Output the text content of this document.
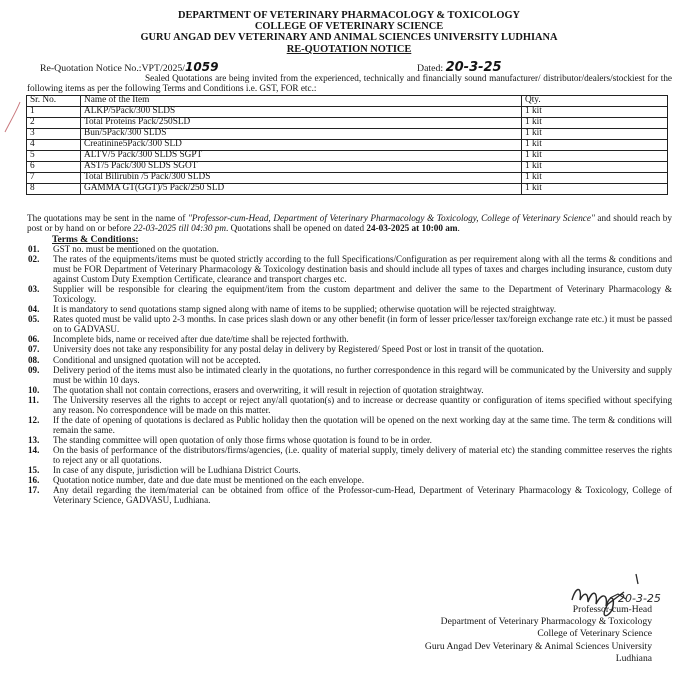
DEPARTMENT OF VETERINARY PHARMACOLOGY & TOXICOLOGY
COLLEGE OF VETERINARY SCIENCE
GURU ANGAD DEV VETERINARY AND ANIMAL SCIENCES UNIVERSITY LUDHIANA
RE-QUOTATION NOTICE
Re-Quotation Notice No.:VPT/2025/1059	Dated: 20-3-25
Sealed Quotations are being invited from the experienced, technically and financially sound manufacturer/ distributor/dealers/stockiest for the following items as per the following Terms and Conditions i.e. GST, FOR etc.:
Sr. No.	Name of the Item	Qty.
1	ALKP/5Pack/300 SLDS	1 kit
2	Total Proteins Pack/250SLD	1 kit
3	Bun/5Pack/300 SLDS	1 kit
4	Creatinine5Pack/300 SLD	1 kit
5	ALTV/5 Pack/300 SLDS SGPT	1 kit
6	AST/5 Pack/300 SLDS SGOT	1 kit
7	Total Bilirubin /5 Pack/300 SLDS	1 kit
8	GAMMA GT(GGT)/5 Pack/250 SLD	1 kit
The quotations may be sent in the name of "Professor-cum-Head, Department of Veterinary Pharmacology & Toxicology, College of Veterinary Science" and should reach by post or by hand on or before 22-03-2025 till 04:30 pm. Quotations shall be opened on dated 24-03-2025 at 10:00 am.
Terms & Conditions:
01.	GST no. must be mentioned on the quotation.
02.	The rates of the equipments/items must be quoted strictly according to the full Specifications/Configuration as per requirement along with all the terms & conditions and must be FOR Department of Veterinary Pharmacology & Toxicology destination basis and should include all types of taxes and charges including insurance, custom duty against Custom Duty Exemption Certificate, clearance and transport charges etc.
03.	Supplier will be responsible for clearing the equipment/item from the custom department and deliver the same to the Department of Veterinary Pharmacology & Toxicology.
04.	It is mandatory to send quotations stamp signed along with name of items to be supplied; otherwise quotation will be rejected straightway.
05.	Rates quoted must be valid upto 2-3 months. In case prices slash down or any other benefit (in form of lesser price/lesser tax/foreign exchange rate etc.) it must be passed on to GADVASU.
06.	Incomplete bids, name or received after due date/time shall be rejected forthwith.
07.	University does not take any responsibility for any postal delay in delivery by Registered/ Speed Post or lost in transit of the quotation.
08.	Conditional and unsigned quotation will not be accepted.
09.	Delivery period of the items must also be intimated clearly in the quotations, no further correspondence in this regard will be communicated by the University and supply must be within 10 days.
10.	The quotation shall not contain corrections, erasers and overwriting, it will result in rejection of quotation straightway.
11.	The University reserves all the rights to accept or reject any/all quotation(s) and to increase or decrease quantity or configuration of items specified without specifying any reason. No correspondence will be made on this matter.
12.	If the date of opening of quotations is declared as Public holiday then the quotation will be opened on the next working day at the same time. The term & conditions will remain the same.
13.	The standing committee will open quotation of only those firms whose quotation is found to be in order.
14.	On the basis of performance of the distributors/firms/agencies, (i.e. quality of material supply, timely delivery of material etc) the standing committee reserves the rights to reject any or all quotations.
15.	In case of any dispute, jurisdiction will be Ludhiana District Courts.
16.	Quotation notice number, date and due date must be mentioned on the each envelope.
17.	Any detail regarding the item/material can be obtained from office of the Professor-cum-Head, Department of Veterinary Pharmacology & Toxicology, College of Veterinary Science, GADVASU, Ludhiana.
20-3-25
Professor-cum-Head
Department of Veterinary Pharmacology & Toxicology
College of Veterinary Science
Guru Angad Dev Veterinary & Animal Sciences University
Ludhiana
